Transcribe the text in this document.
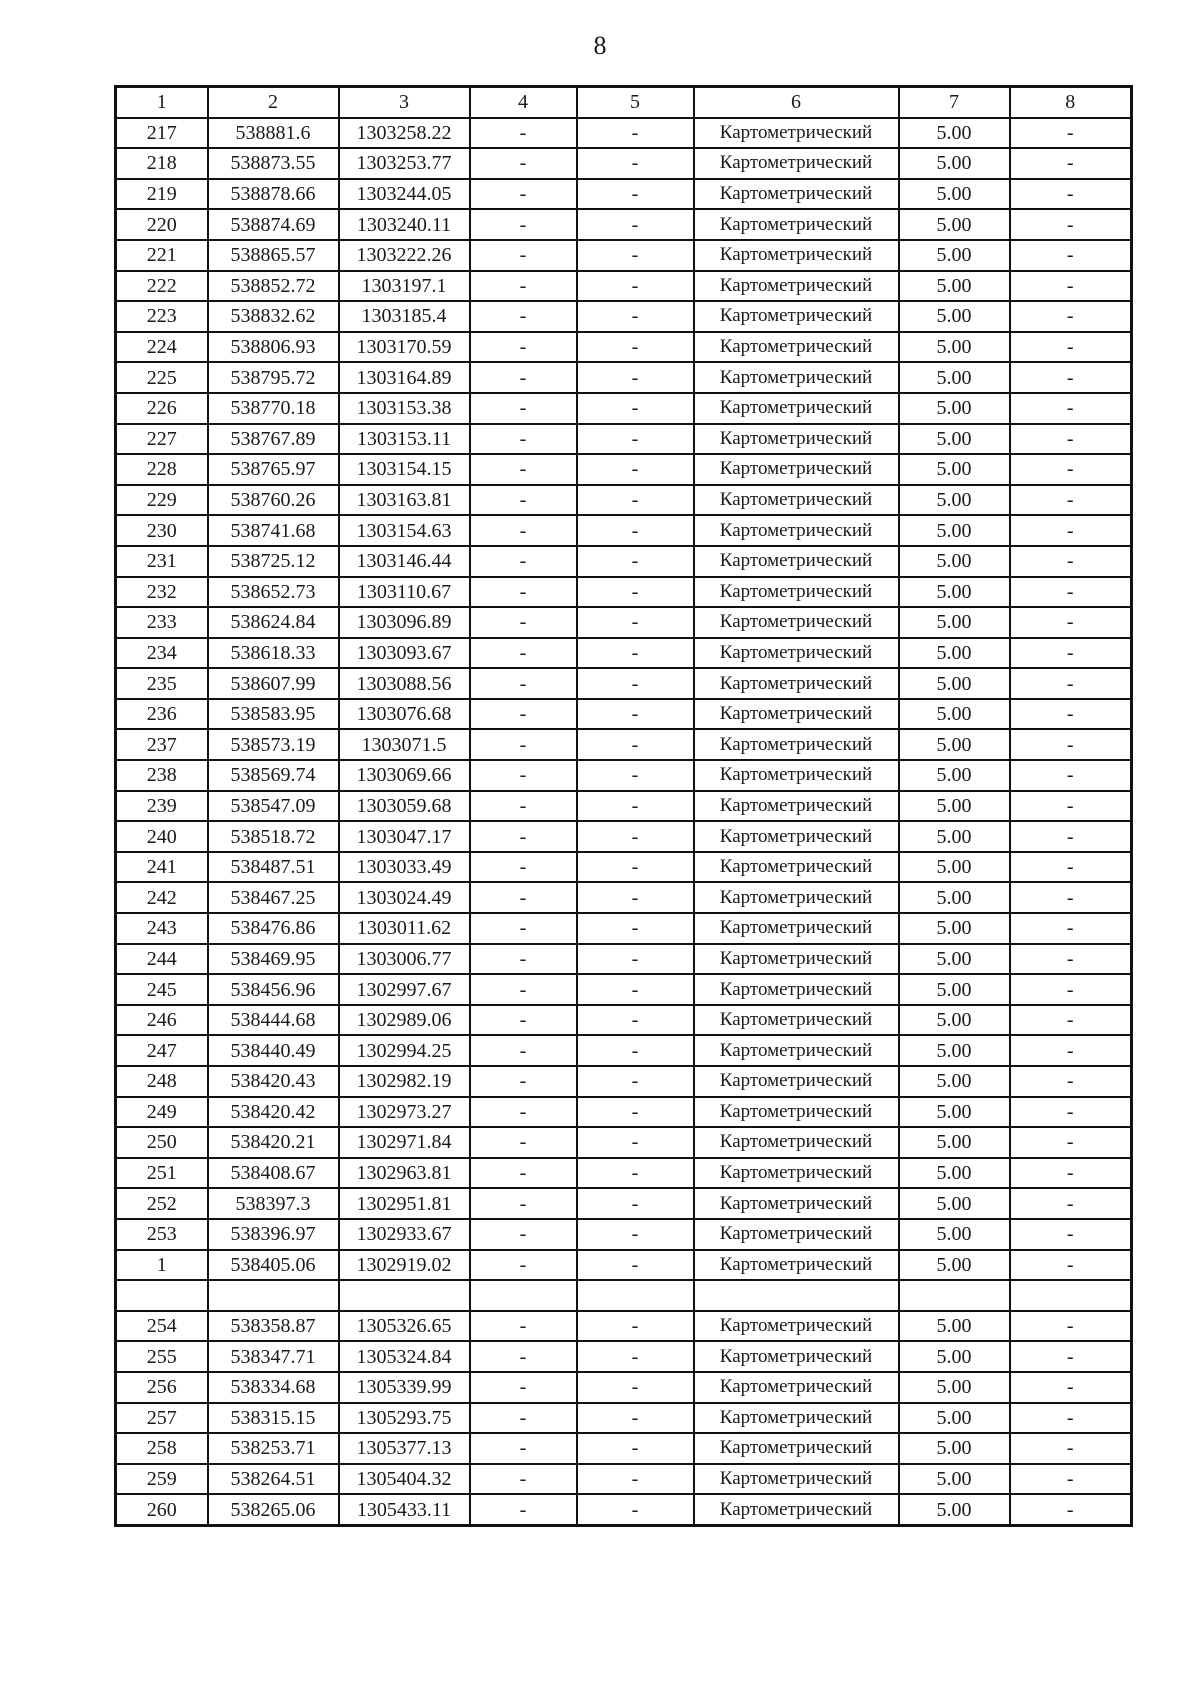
8
1	2	3	4	5	6	7	8
217	538881.6	1303258.22	-	-	Картометрический	5.00	-
218	538873.55	1303253.77	-	-	Картометрический	5.00	-
219	538878.66	1303244.05	-	-	Картометрический	5.00	-
220	538874.69	1303240.11	-	-	Картометрический	5.00	-
221	538865.57	1303222.26	-	-	Картометрический	5.00	-
222	538852.72	1303197.1	-	-	Картометрический	5.00	-
223	538832.62	1303185.4	-	-	Картометрический	5.00	-
224	538806.93	1303170.59	-	-	Картометрический	5.00	-
225	538795.72	1303164.89	-	-	Картометрический	5.00	-
226	538770.18	1303153.38	-	-	Картометрический	5.00	-
227	538767.89	1303153.11	-	-	Картометрический	5.00	-
228	538765.97	1303154.15	-	-	Картометрический	5.00	-
229	538760.26	1303163.81	-	-	Картометрический	5.00	-
230	538741.68	1303154.63	-	-	Картометрический	5.00	-
231	538725.12	1303146.44	-	-	Картометрический	5.00	-
232	538652.73	1303110.67	-	-	Картометрический	5.00	-
233	538624.84	1303096.89	-	-	Картометрический	5.00	-
234	538618.33	1303093.67	-	-	Картометрический	5.00	-
235	538607.99	1303088.56	-	-	Картометрический	5.00	-
236	538583.95	1303076.68	-	-	Картометрический	5.00	-
237	538573.19	1303071.5	-	-	Картометрический	5.00	-
238	538569.74	1303069.66	-	-	Картометрический	5.00	-
239	538547.09	1303059.68	-	-	Картометрический	5.00	-
240	538518.72	1303047.17	-	-	Картометрический	5.00	-
241	538487.51	1303033.49	-	-	Картометрический	5.00	-
242	538467.25	1303024.49	-	-	Картометрический	5.00	-
243	538476.86	1303011.62	-	-	Картометрический	5.00	-
244	538469.95	1303006.77	-	-	Картометрический	5.00	-
245	538456.96	1302997.67	-	-	Картометрический	5.00	-
246	538444.68	1302989.06	-	-	Картометрический	5.00	-
247	538440.49	1302994.25	-	-	Картометрический	5.00	-
248	538420.43	1302982.19	-	-	Картометрический	5.00	-
249	538420.42	1302973.27	-	-	Картометрический	5.00	-
250	538420.21	1302971.84	-	-	Картометрический	5.00	-
251	538408.67	1302963.81	-	-	Картометрический	5.00	-
252	538397.3	1302951.81	-	-	Картометрический	5.00	-
253	538396.97	1302933.67	-	-	Картометрический	5.00	-
1	538405.06	1302919.02	-	-	Картометрический	5.00	-

254	538358.87	1305326.65	-	-	Картометрический	5.00	-
255	538347.71	1305324.84	-	-	Картометрический	5.00	-
256	538334.68	1305339.99	-	-	Картометрический	5.00	-
257	538315.15	1305293.75	-	-	Картометрический	5.00	-
258	538253.71	1305377.13	-	-	Картометрический	5.00	-
259	538264.51	1305404.32	-	-	Картометрический	5.00	-
260	538265.06	1305433.11	-	-	Картометрический	5.00	-
